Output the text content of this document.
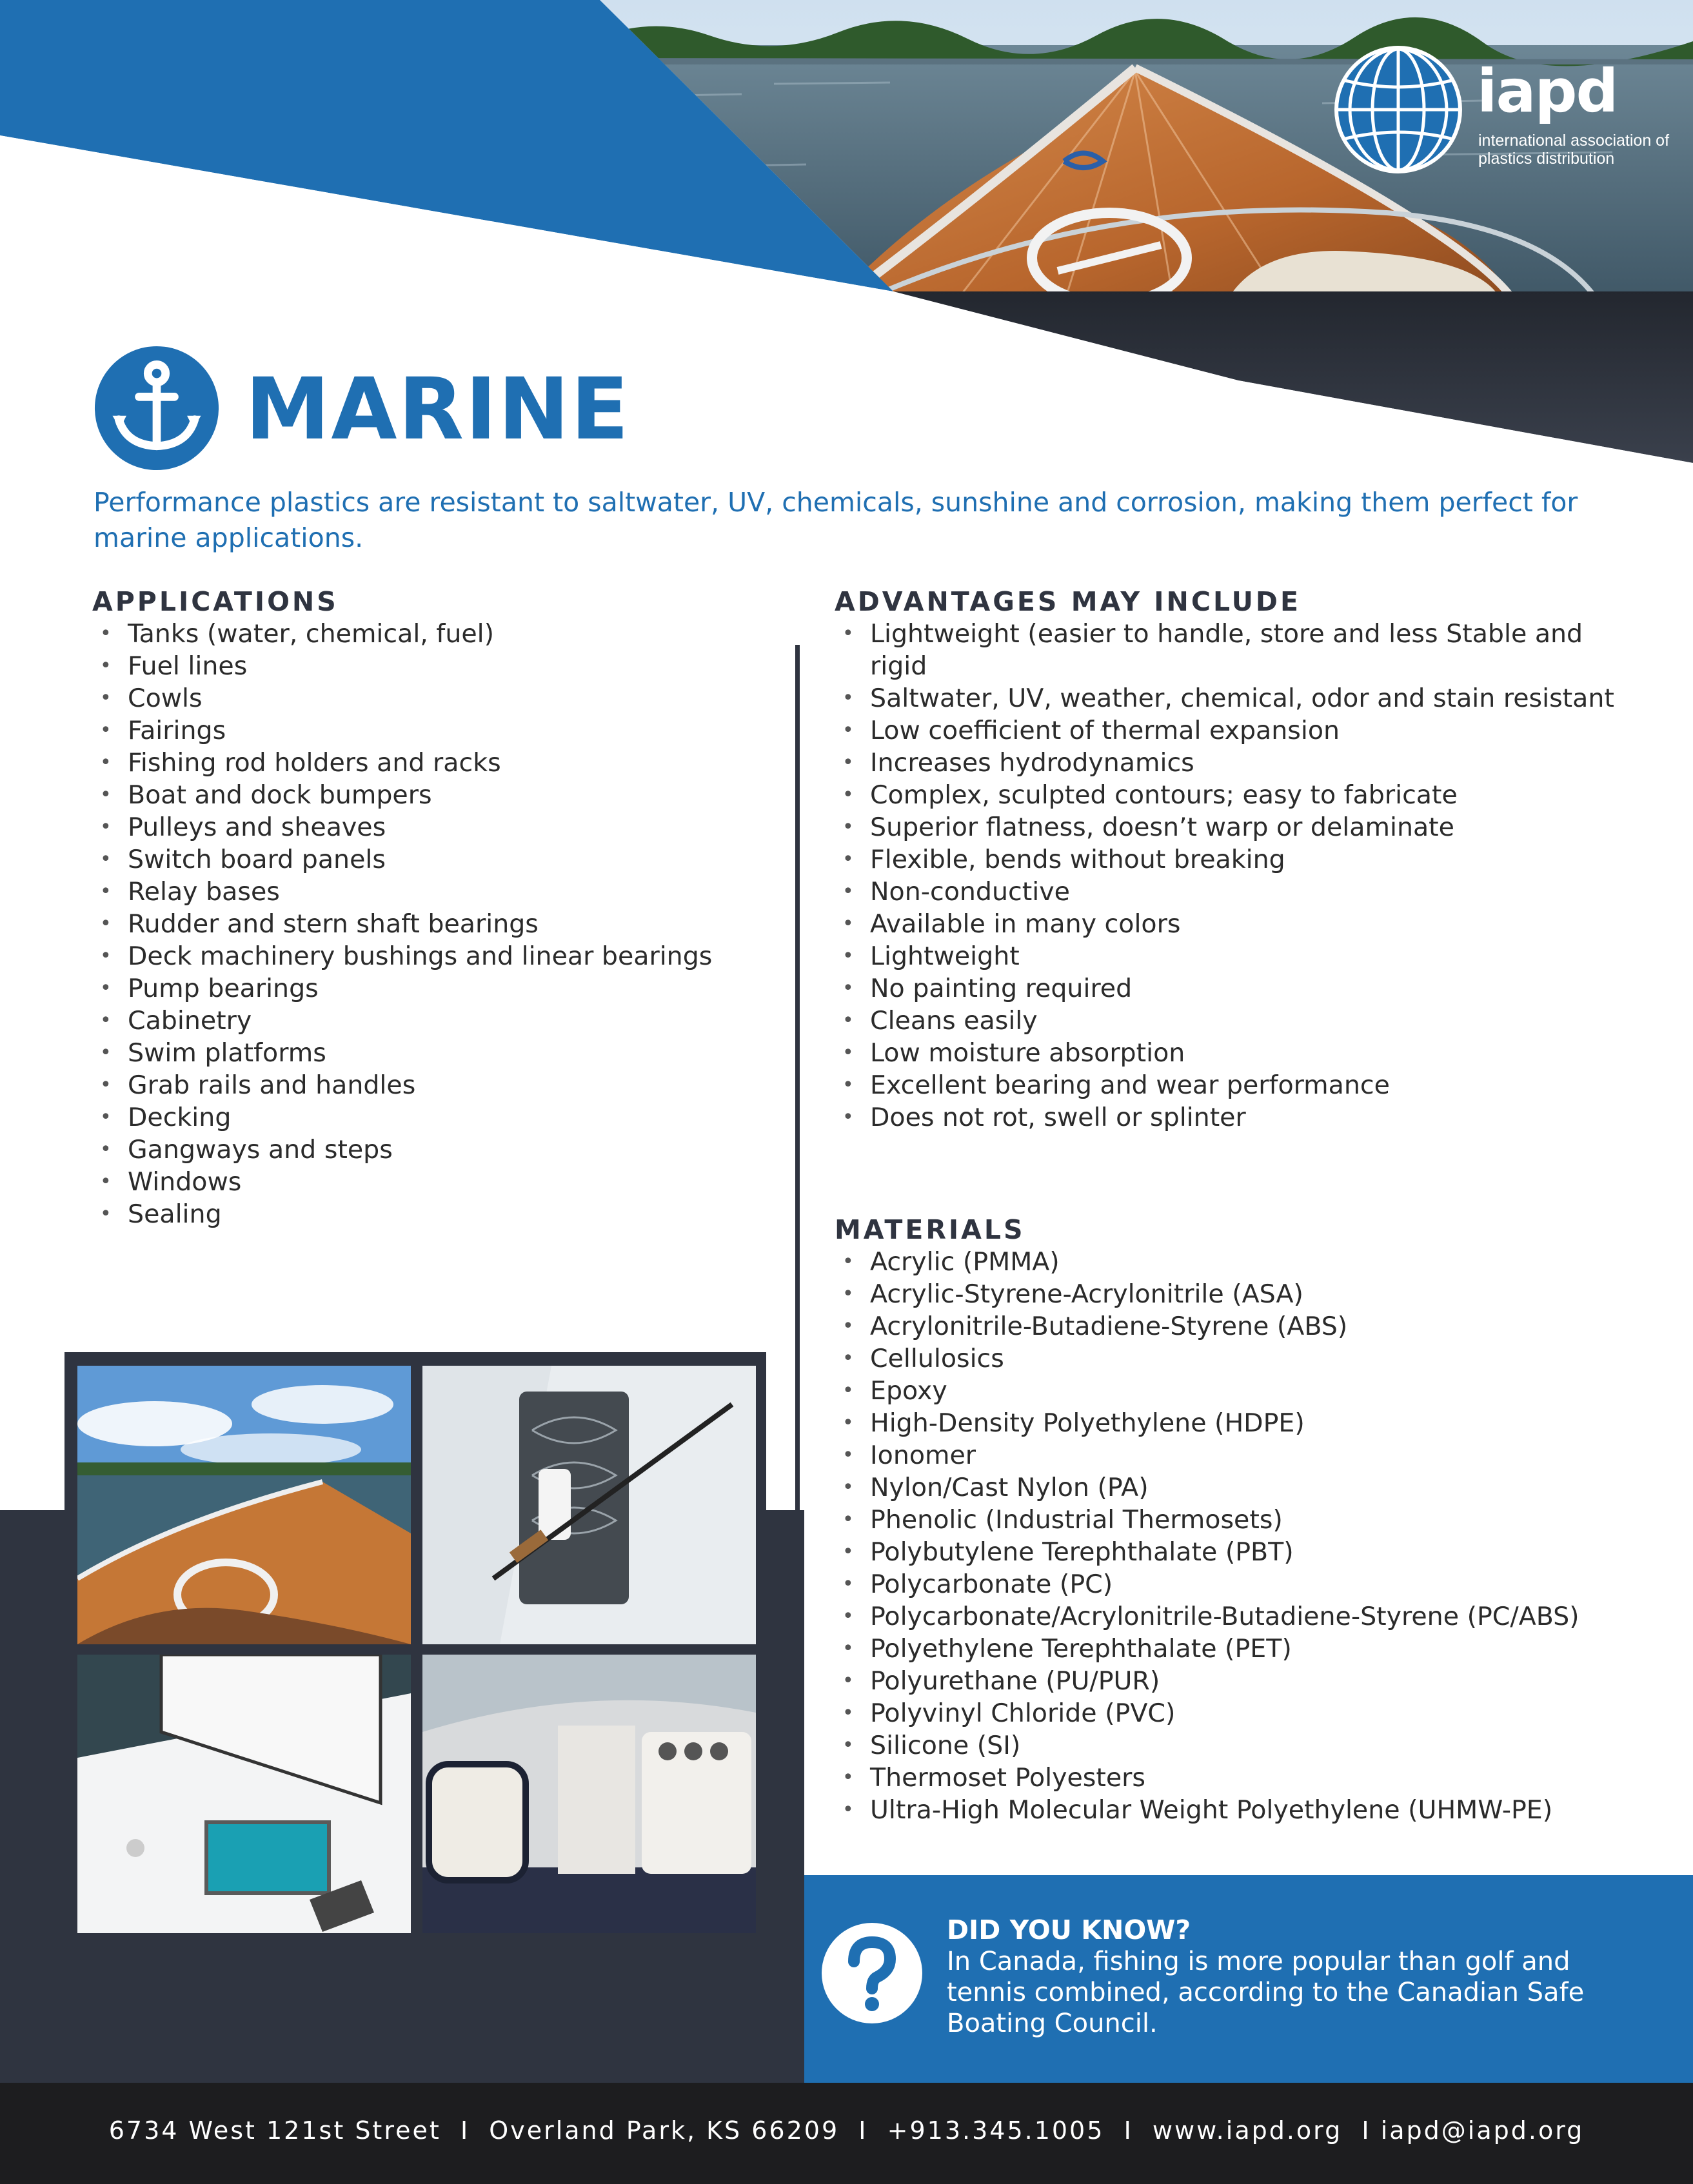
iapd
international association of plastics distribution
MARINE

Performance plastics are resistant to saltwater, UV, chemicals, sunshine and corrosion, making them perfect for marine applications.

APPLICATIONS
• Tanks (water, chemical, fuel)
• Fuel lines
• Cowls
• Fairings
• Fishing rod holders and racks
• Boat and dock bumpers
• Pulleys and sheaves
• Switch board panels
• Relay bases
• Rudder and stern shaft bearings
• Deck machinery bushings and linear bearings
• Pump bearings
• Cabinetry
• Swim platforms
• Grab rails and handles
• Decking
• Gangways and steps
• Windows
• Sealing
ADVANTAGES MAY INCLUDE
• Lightweight (easier to handle, store and less Stable and rigid
• Saltwater, UV, weather, chemical, odor and stain resistant
• Low coefficient of thermal expansion
• Increases hydrodynamics
• Complex, sculpted contours; easy to fabricate
• Superior flatness, doesn’t warp or delaminate
• Flexible, bends without breaking
• Non-conductive
• Available in many colors
• Lightweight
• No painting required
• Cleans easily
• Low moisture absorption
• Excellent bearing and wear performance
• Does not rot, swell or splinter
MATERIALS
• Acrylic (PMMA)
• Acrylic-Styrene-Acrylonitrile (ASA)
• Acrylonitrile-Butadiene-Styrene (ABS)
• Cellulosics
• Epoxy
• High-Density Polyethylene (HDPE)
• Ionomer
• Nylon/Cast Nylon (PA)
• Phenolic (Industrial Thermosets)
• Polybutylene Terephthalate (PBT)
• Polycarbonate (PC)
• Polycarbonate/Acrylonitrile-Butadiene-Styrene (PC/ABS)
• Polyethylene Terephthalate (PET)
• Polyurethane (PU/PUR)
• Polyvinyl Chloride (PVC)
• Silicone (SI)
• Thermoset Polyesters
• Ultra-High Molecular Weight Polyethylene (UHMW-PE)
DID YOU KNOW?

In Canada, fishing is more popular than golf and tennis combined, according to the Canadian Safe Boating Council.

6734 West 121st Street  I  Overland Park, KS 66209  I  +913.345.1005  I  www.iapd.org  I iapd@iapd.org
